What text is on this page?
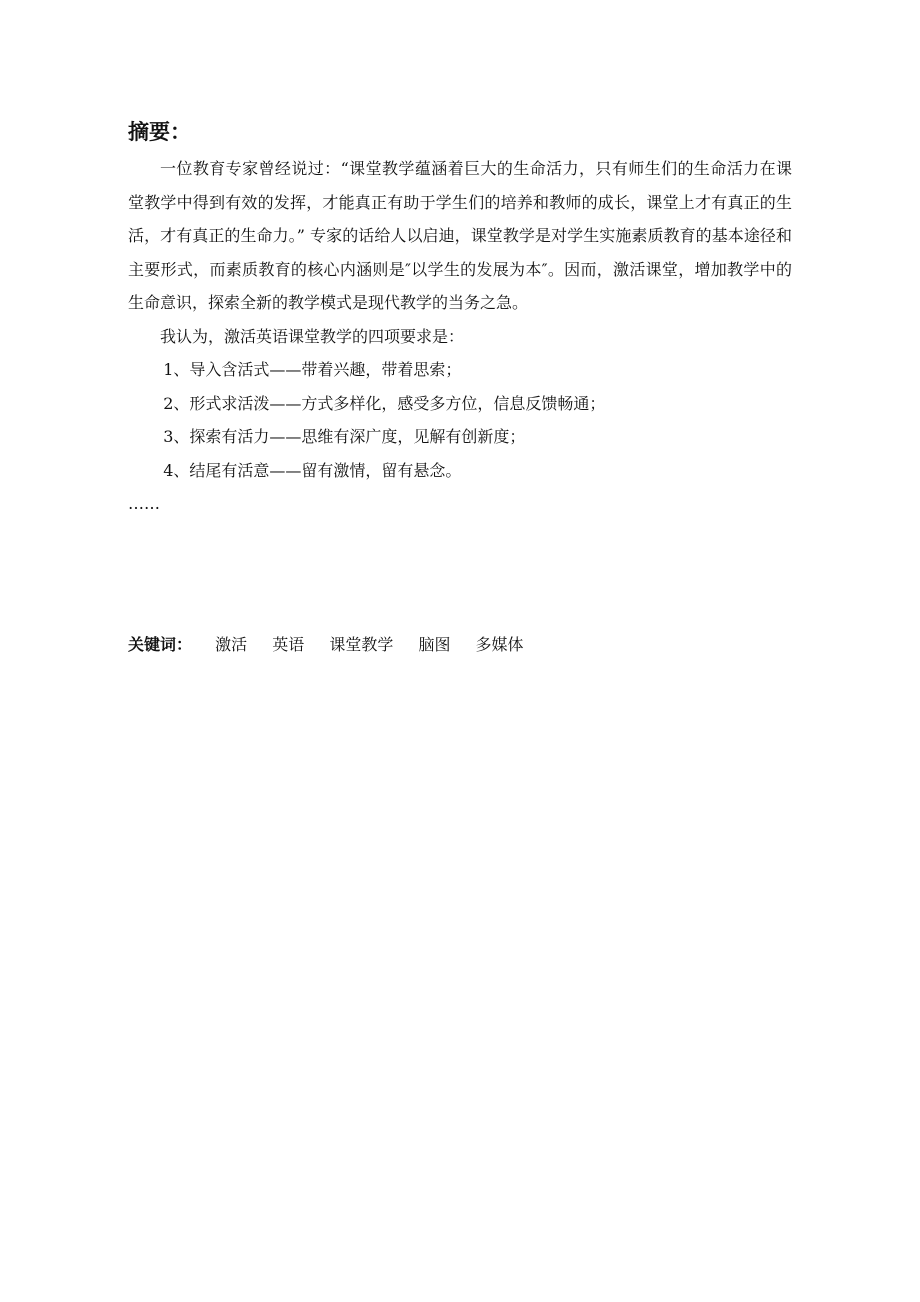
摘要：

一位教育专家曾经说过：“课堂教学蕴涵着巨大的生命活力，只有师生们的生命活力在课堂教学中得到有效的发挥，才能真正有助于学生们的培养和教师的成长，课堂上才有真正的生活，才有真正的生命力。” 专家的话给人以启迪，课堂教学是对学生实施素质教育的基本途径和主要形式，而素质教育的核心内涵则是″以学生的发展为本″。因而，激活课堂，增加教学中的生命意识，探索全新的教学模式是现代教学的当务之急。

我认为，激活英语课堂教学的四项要求是：

1、导入含活式——带着兴趣，带着思索；

2、形式求活泼——方式多样化，感受多方位，信息反馈畅通；

3、探索有活力——思维有深广度，见解有创新度；

4、结尾有活意——留有激情，留有悬念。

……

关键词： 激活 英语 课堂教学 脑图 多媒体
